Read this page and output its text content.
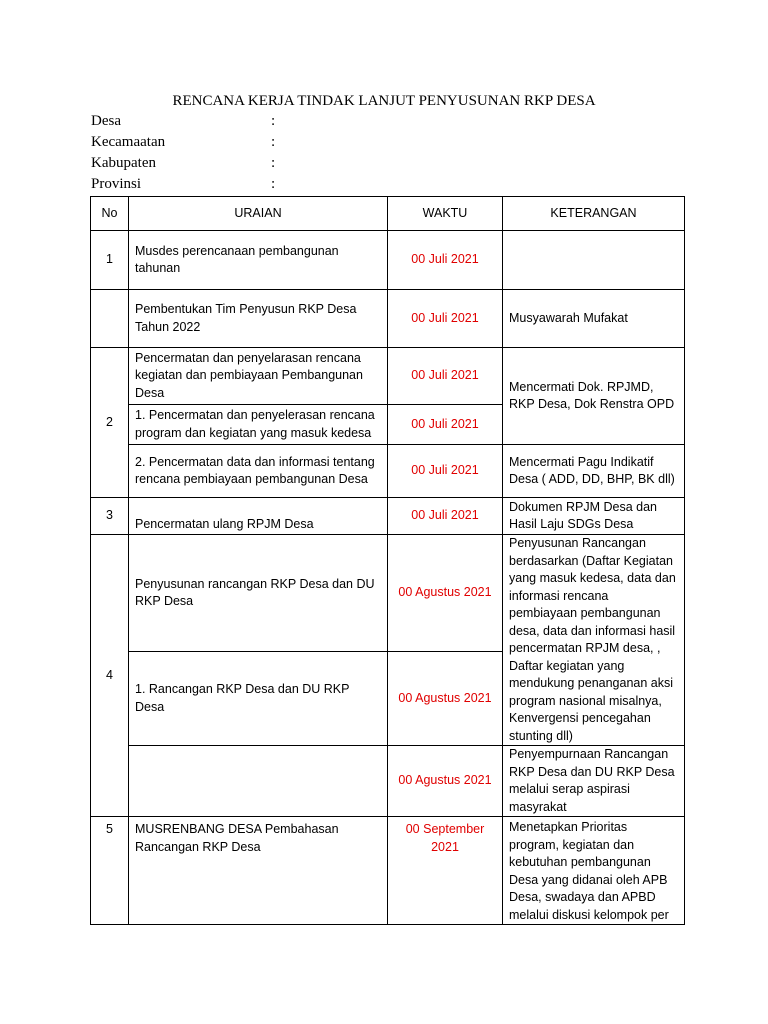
RENCANA KERJA TINDAK LANJUT PENYUSUNAN RKP DESA
Desa	:
Kecamaatan	:
Kabupaten	:
Provinsi	:
No	URAIAN	WAKTU	KETERANGAN
1	Musdes perencanaan pembangunan tahunan	00 Juli 2021	
	Pembentukan Tim Penyusun RKP Desa Tahun 2022	00 Juli 2021	Musyawarah Mufakat
2	Pencermatan dan penyelarasan rencana kegiatan dan pembiayaan Pembangunan Desa	00 Juli 2021	Mencermati Dok. RPJMD, RKP Desa, Dok Renstra OPD
	1. Pencermatan dan penyelerasan rencana program dan kegiatan yang masuk kedesa	00 Juli 2021	
	2. Pencermatan data dan informasi tentang rencana pembiayaan pembangunan Desa	00 Juli 2021	Mencermati Pagu Indikatif Desa ( ADD, DD, BHP, BK dll)
3	Pencermatan ulang RPJM Desa	00 Juli 2021	Dokumen RPJM Desa dan Hasil Laju SDGs Desa
4	Penyusunan rancangan RKP Desa dan DU RKP Desa	00 Agustus 2021	Penyusunan Rancangan berdasarkan (Daftar Kegiatan yang masuk kedesa, data dan informasi rencana pembiayaan pembangunan desa, data dan informasi hasil pencermatan RPJM desa, , Daftar kegiatan yang mendukung penanganan aksi program nasional misalnya, Kenvergensi pencegahan stunting dll)
	1. Rancangan RKP Desa dan DU RKP Desa	00 Agustus 2021	
		00 Agustus 2021	Penyempurnaan Rancangan RKP Desa dan DU RKP Desa melalui serap aspirasi masyrakat
5	MUSRENBANG DESA Pembahasan Rancangan RKP Desa	00 September 2021	Menetapkan Prioritas program, kegiatan dan kebutuhan pembangunan Desa yang didanai oleh APB Desa, swadaya dan APBD melalui diskusi kelompok per
